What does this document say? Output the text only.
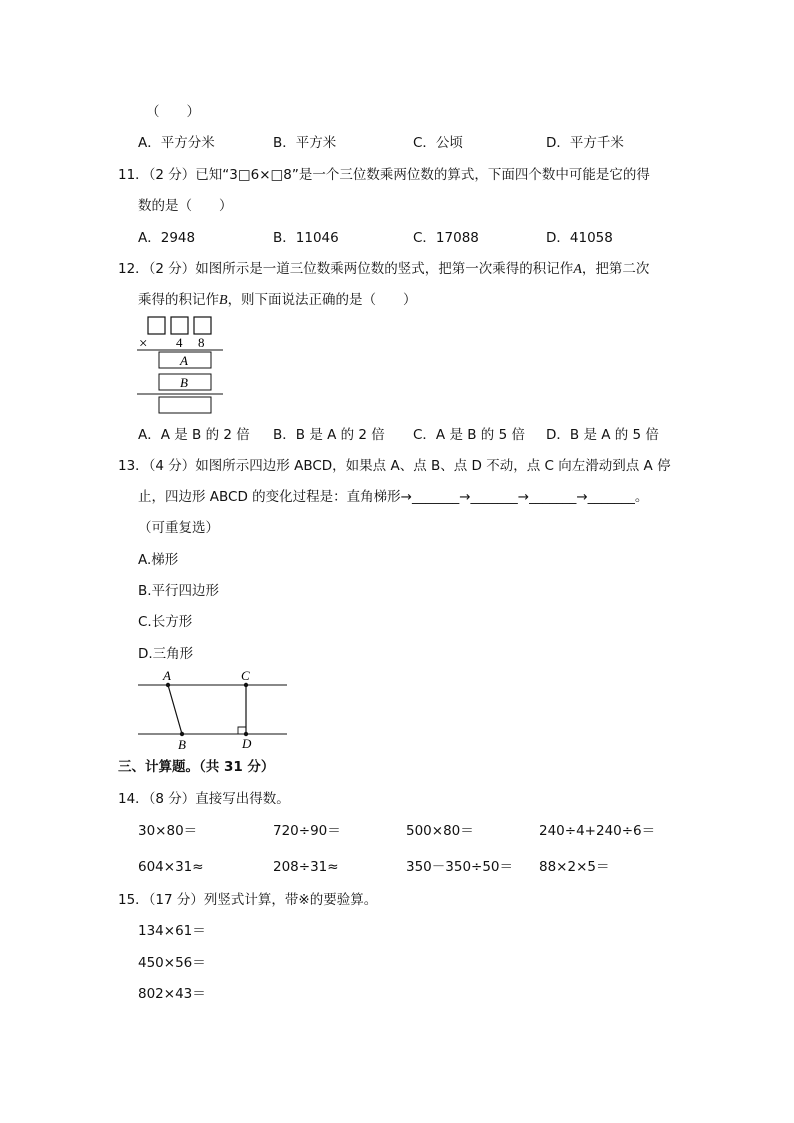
（　　）
A．平方分米	B．平方米	C．公顷	D．平方千米
11．（2 分）已知“3□6×□8”是一个三位数乘两位数的算式，下面四个数中可能是它的得
数的是（　　）
A．2948	B．11046	C．17088	D．41058
12．（2 分）如图所示是一道三位数乘两位数的竖式，把第一次乘得的积记作A，把第二次
乘得的积记作B，则下面说法正确的是（　　）
× 4 8
A
B
A．A 是 B 的 2 倍 B．B 是 A 的 2 倍 C．A 是 B 的 5 倍 D．B 是 A 的 5 倍
13．（4 分）如图所示四边形 ABCD，如果点 A、点 B、点 D 不动，点 C 向左滑动到点 A 停
止，四边形 ABCD 的变化过程是：直角梯形→_______→_______→_______→_______。
（可重复选）
A.梯形
B.平行四边形
C.长方形
D.三角形
A
B
C
D
三、计算题。（共 31 分）
14．（8 分）直接写出得数。
30×80＝	720÷90＝	500×80＝	240÷4+240÷6＝
604×31≈	208÷31≈	350－350÷50＝ 88×2×5＝
15．（17 分）列竖式计算，带※的要验算。
134×61＝
450×56＝
802×43＝
